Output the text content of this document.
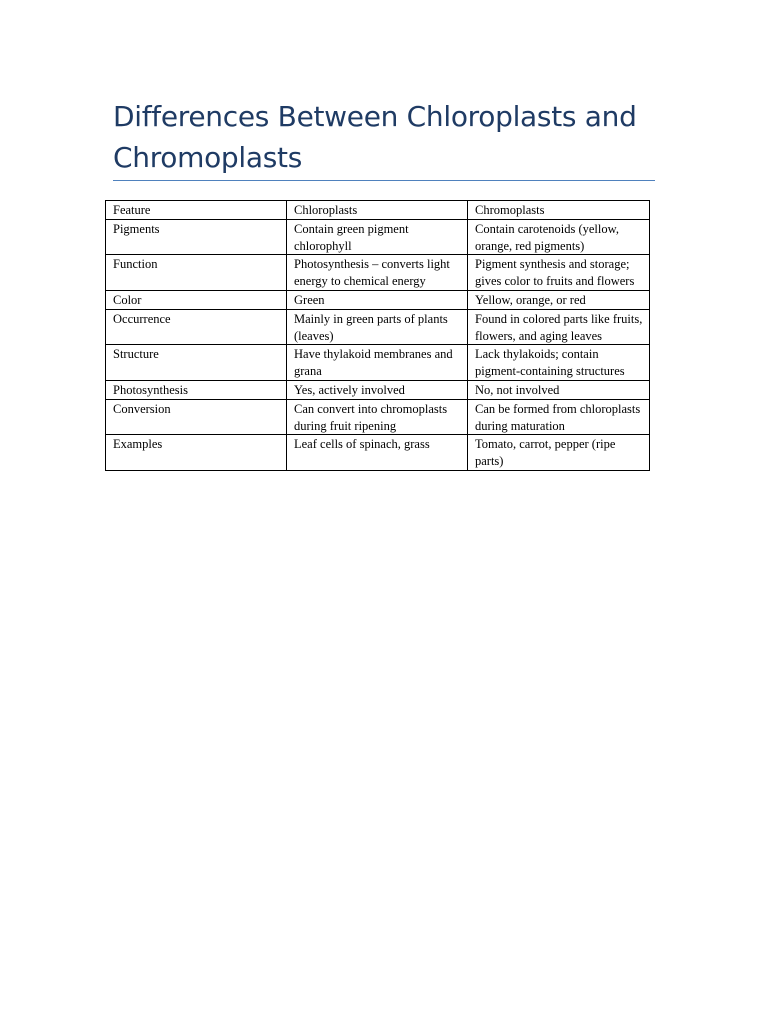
Differences Between Chloroplasts and Chromoplasts
Feature	Chloroplasts	Chromoplasts
Pigments	Contain green pigment chlorophyll	Contain carotenoids (yellow, orange, red pigments)
Function	Photosynthesis – converts light energy to chemical energy	Pigment synthesis and storage; gives color to fruits and flowers
Color	Green	Yellow, orange, or red
Occurrence	Mainly in green parts of plants (leaves)	Found in colored parts like fruits, flowers, and aging leaves
Structure	Have thylakoid membranes and grana	Lack thylakoids; contain pigment-containing structures
Photosynthesis	Yes, actively involved	No, not involved
Conversion	Can convert into chromoplasts during fruit ripening	Can be formed from chloroplasts during maturation
Examples	Leaf cells of spinach, grass	Tomato, carrot, pepper (ripe parts)
